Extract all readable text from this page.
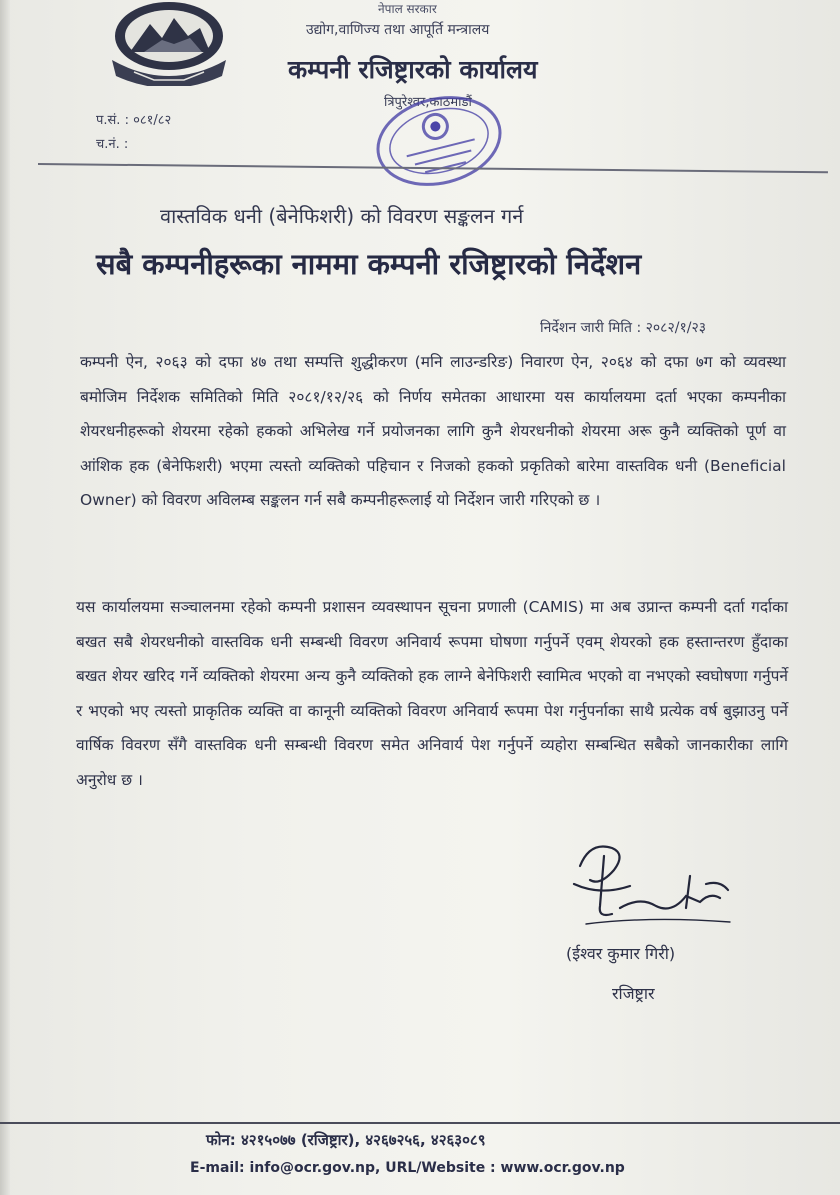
नेपाल सरकार
उद्योग,वाणिज्य तथा आपूर्ति मन्त्रालय
कम्पनी रजिष्ट्रारको कार्यालय
त्रिपुरेश्वर,काठमाडौं
प.सं. : ०८१/८२
च.नं. :
वास्तविक धनी (बेनेफिशरी) को विवरण सङ्कलन गर्न
सबै कम्पनीहरूका नाममा कम्पनी रजिष्ट्रारको निर्देशन
निर्देशन जारी मिति : २०८२/१/२३
कम्पनी ऐन, २०६३ को दफा ४७ तथा सम्पत्ति शुद्धीकरण (मनि लाउन्डरिङ) निवारण ऐन, २०६४ को दफा ७ग को व्यवस्था बमोजिम निर्देशक समितिको मिति २०८१/१२/२६ को निर्णय समेतका आधारमा यस कार्यालयमा दर्ता भएका कम्पनीका शेयरधनीहरूको शेयरमा रहेको हकको अभिलेख गर्ने प्रयोजनका लागि कुनै शेयरधनीको शेयरमा अरू कुनै व्यक्तिको पूर्ण वा आंशिक हक (बेनेफिशरी) भएमा त्यस्तो व्यक्तिको पहिचान र निजको हकको प्रकृतिको बारेमा वास्तविक धनी (Beneficial Owner) को विवरण अविलम्ब सङ्कलन गर्न सबै कम्पनीहरूलाई यो निर्देशन जारी गरिएको छ ।
यस कार्यालयमा सञ्चालनमा रहेको कम्पनी प्रशासन व्यवस्थापन सूचना प्रणाली (CAMIS) मा अब उप्रान्त कम्पनी दर्ता गर्दाका बखत सबै शेयरधनीको वास्तविक धनी सम्बन्धी विवरण अनिवार्य रूपमा घोषणा गर्नुपर्ने एवम् शेयरको हक हस्तान्तरण हुँदाका बखत शेयर खरिद गर्ने व्यक्तिको शेयरमा अन्य कुनै व्यक्तिको हक लाग्ने बेनेफिशरी स्वामित्व भएको वा नभएको स्वघोषणा गर्नुपर्ने र भएको भए त्यस्तो प्राकृतिक व्यक्ति वा कानूनी व्यक्तिको विवरण अनिवार्य रूपमा पेश गर्नुपर्नाका साथै प्रत्येक वर्ष बुझाउनु पर्ने वार्षिक विवरण सँगै वास्तविक धनी सम्बन्धी विवरण समेत अनिवार्य पेश गर्नुपर्ने व्यहोरा सम्बन्धित सबैको जानकारीका लागि अनुरोध छ ।
(ईश्वर कुमार गिरी)
रजिष्ट्रार
फोन: ४२१५०७७ (रजिष्ट्रार), ४२६७२५६, ४२६३०८९
E-mail: info@ocr.gov.np, URL/Website : www.ocr.gov.np
